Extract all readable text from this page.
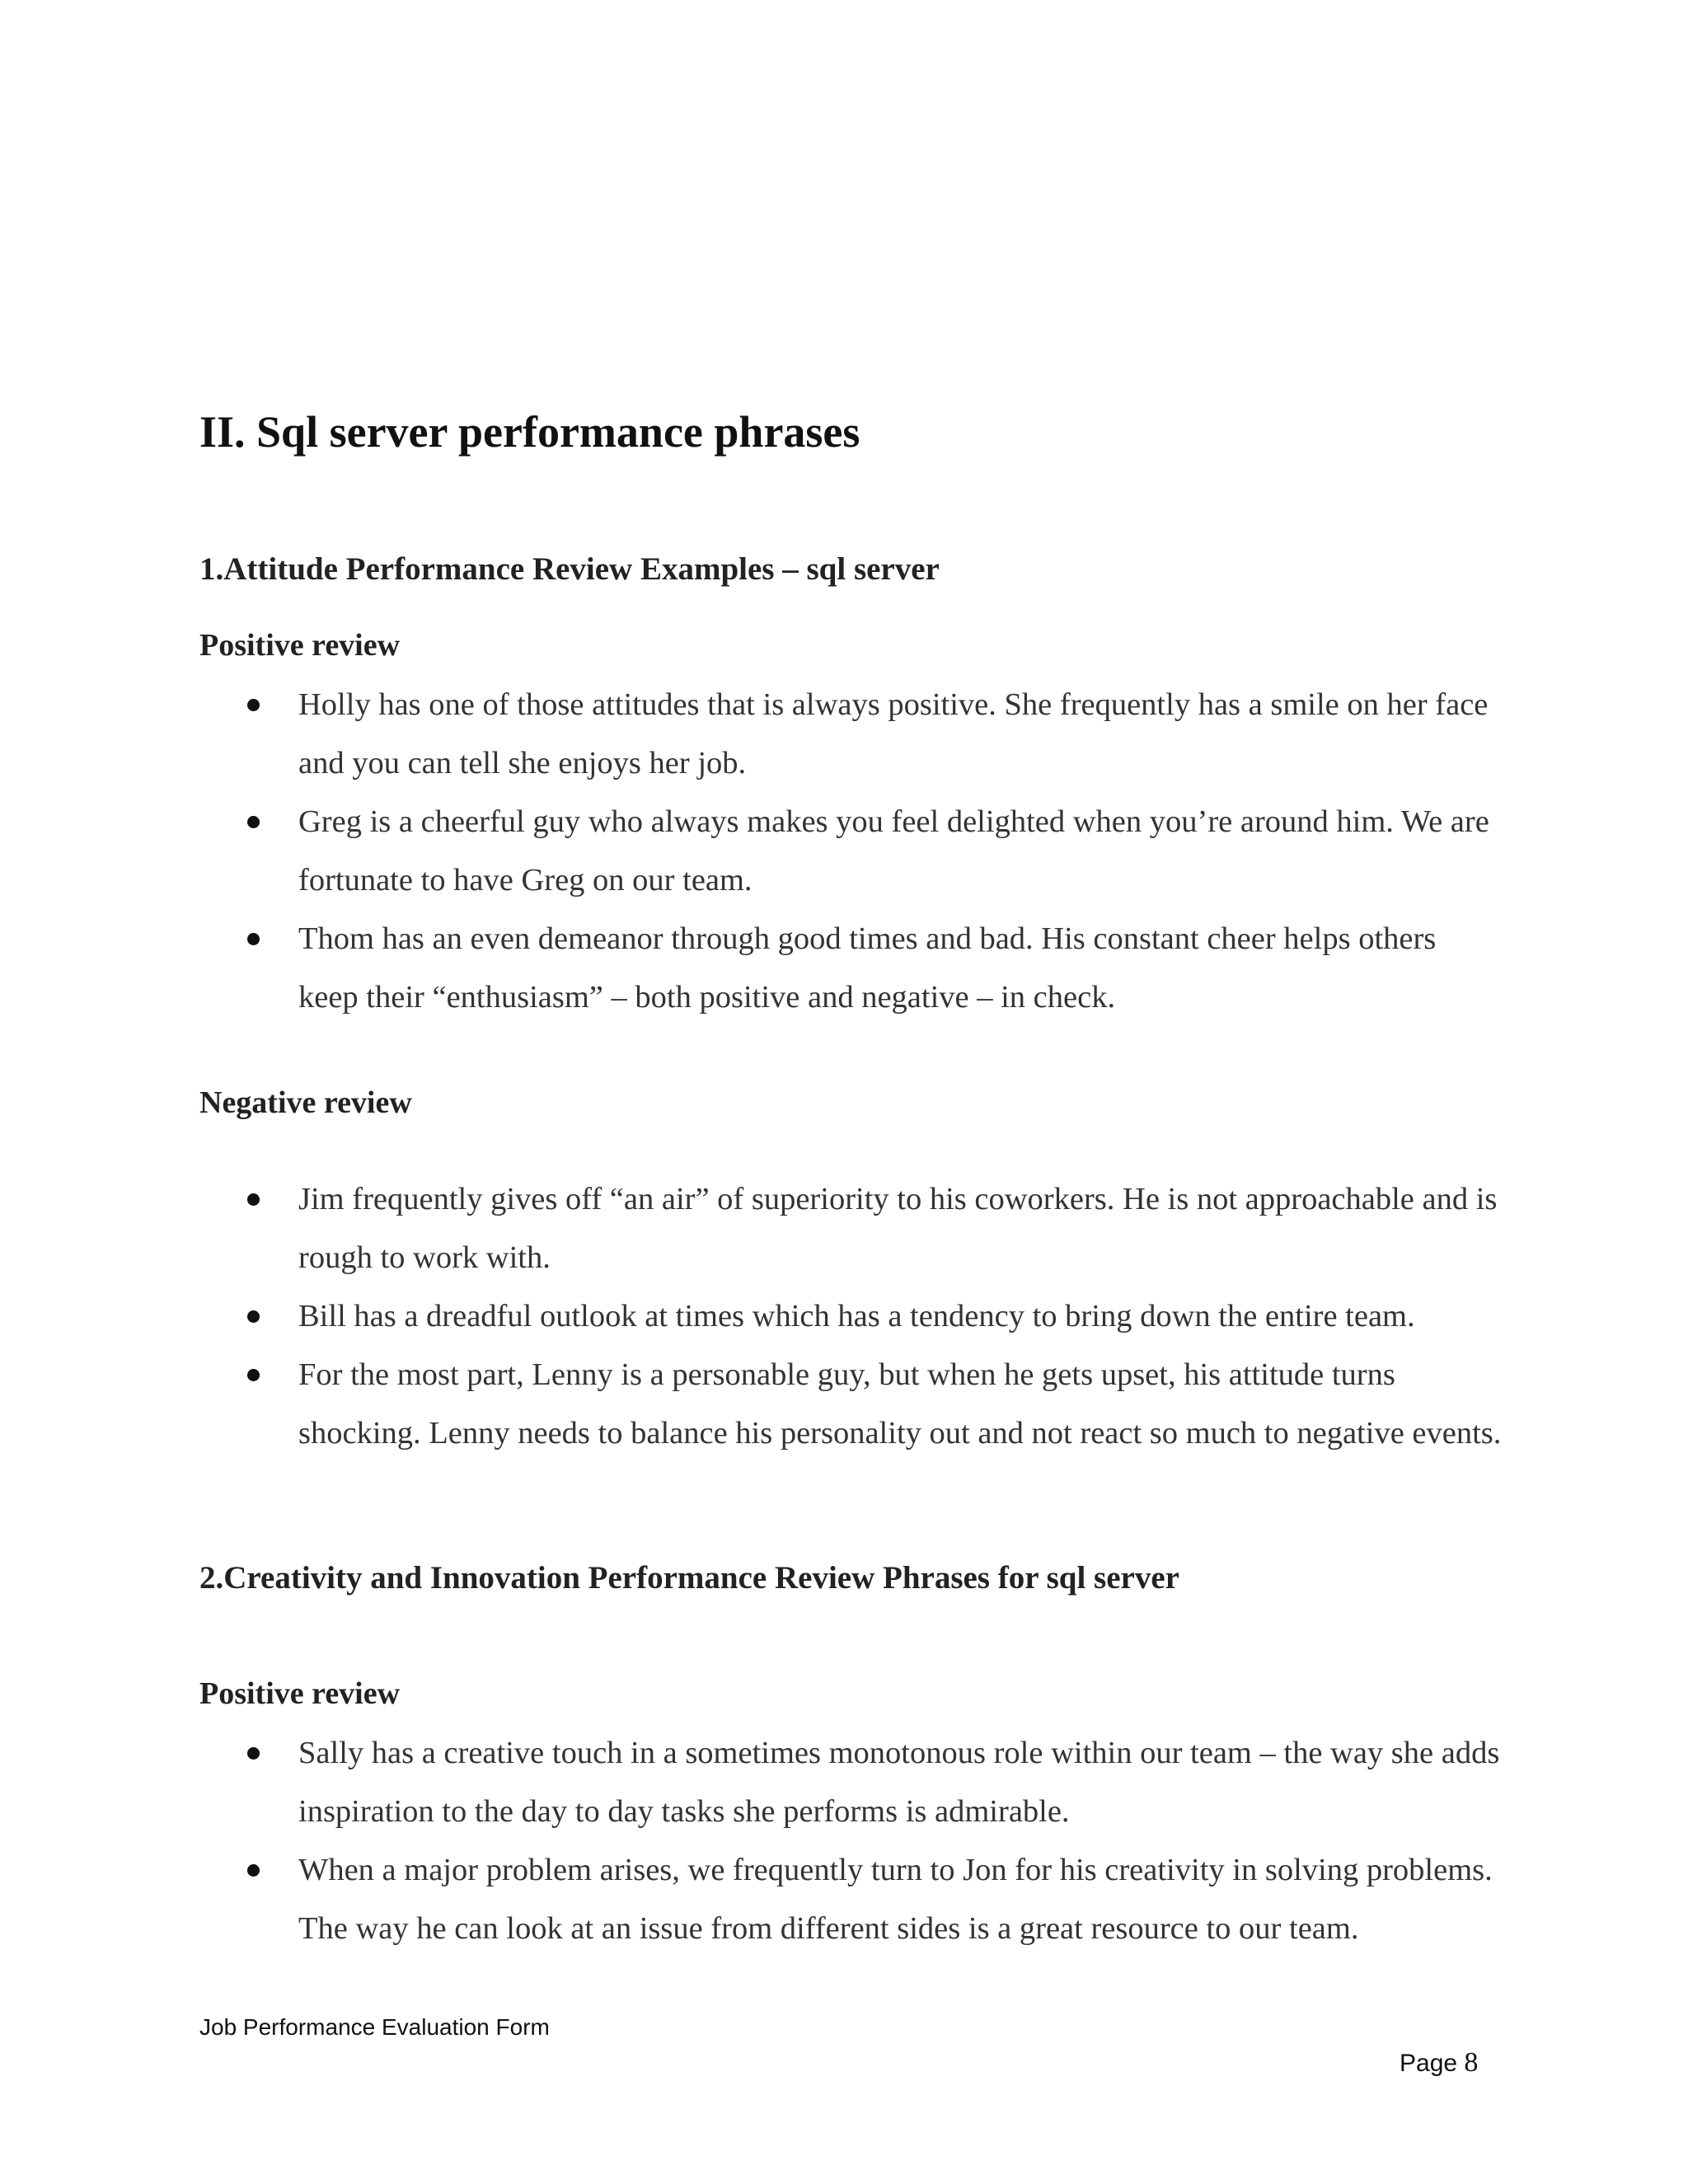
II. Sql server performance phrases
1.Attitude Performance Review Examples – sql server
Positive review
Holly has one of those attitudes that is always positive. She frequently has a smile on her face and you can tell she enjoys her job.
Greg is a cheerful guy who always makes you feel delighted when you’re around him. We are fortunate to have Greg on our team.
Thom has an even demeanor through good times and bad. His constant cheer helps others keep their “enthusiasm” – both positive and negative – in check.
Negative review
Jim frequently gives off “an air” of superiority to his coworkers. He is not approachable and is rough to work with.
Bill has a dreadful outlook at times which has a tendency to bring down the entire team.
For the most part, Lenny is a personable guy, but when he gets upset, his attitude turns shocking. Lenny needs to balance his personality out and not react so much to negative events.
2.Creativity and Innovation Performance Review Phrases for sql server
Positive review
Sally has a creative touch in a sometimes monotonous role within our team – the way she adds inspiration to the day to day tasks she performs is admirable.
When a major problem arises, we frequently turn to Jon for his creativity in solving problems. The way he can look at an issue from different sides is a great resource to our team.
Job Performance Evaluation Form
Page 8
